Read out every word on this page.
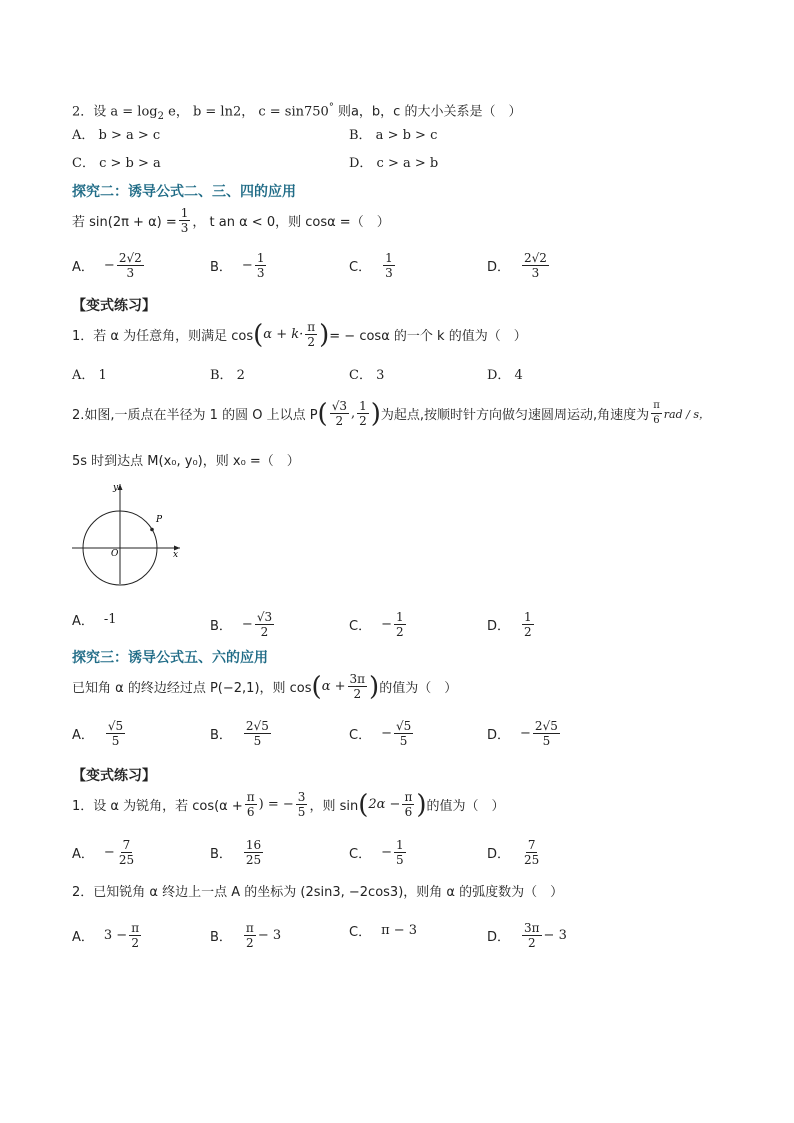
2．设 $a = \log_2 e$， b = ln2， c = sin750° 则a，b，c 的大小关系是（　）
A． b > a > c	B． a > b > c
C． c > b > a	D． c > a > b
探究二：诱导公式二、三、四的应用
若 $\sin(2\pi + \alpha) = \frac{1}{3}$ ， t an α < 0，则 cosα =（　）
A． − $\frac{2√2}{3}$	B． − $\frac{1}{3}$	C． $\frac{1}{3}$	D． $\frac{2√2}{3}$
【变式练习】
1．若 α 为任意角，则满足 cos ( $\alpha + k\cdot \frac{\pi}{2}$ ) = − cosα 的一个 k 的值为（　）
A． 1	B． 2	C． 3	D． 4
2.如图,一质点在半径为 1 的圆 O 上以点 P ( $\frac{√3}{2}$ , $\frac{1}{2}$ ) 为起点,按顺时针方向做匀速圆周运动,角速度为 $\frac{\pi}{6}$ rad / s，
5s 时到达点 M(x₀, y₀)，则 x₀ =（　）
P
O	x
y
A． -1	B． − $\frac{√3}{2}$	C． − $\frac{1}{2}$	D． $\frac{1}{2}$
探究三：诱导公式五、六的应用
已知角 α 的终边经过点 P(−2,1)，则 cos ( $\alpha + \frac{3\pi}{2}$ ) 的值为（　）
A． $\frac{√5}{5}$	B． $\frac{2√5}{5}$	C． − $\frac{√5}{5}$	D． − $\frac{2√5}{5}$
【变式练习】
1．设 α 为锐角，若 $\cos(\alpha + \frac{\pi}{6}$ ) = − $\frac{3}{5}$ ，则 sin ( $2\alpha - \frac{\pi}{6}$ ) 的值为（　）
A． − $\frac{7}{25}$	B． $\frac{16}{25}$	C． − $\frac{1}{5}$	D． $\frac{7}{25}$
2．已知锐角 α 终边上一点 A 的坐标为 (2sin3, −2cos3)，则角 α 的弧度数为（　）
A． $3 - \frac{\pi}{2}$	B． $\frac{\pi}{2} - 3$	C． π − 3	D． $\frac{3\pi}{2} - 3$
